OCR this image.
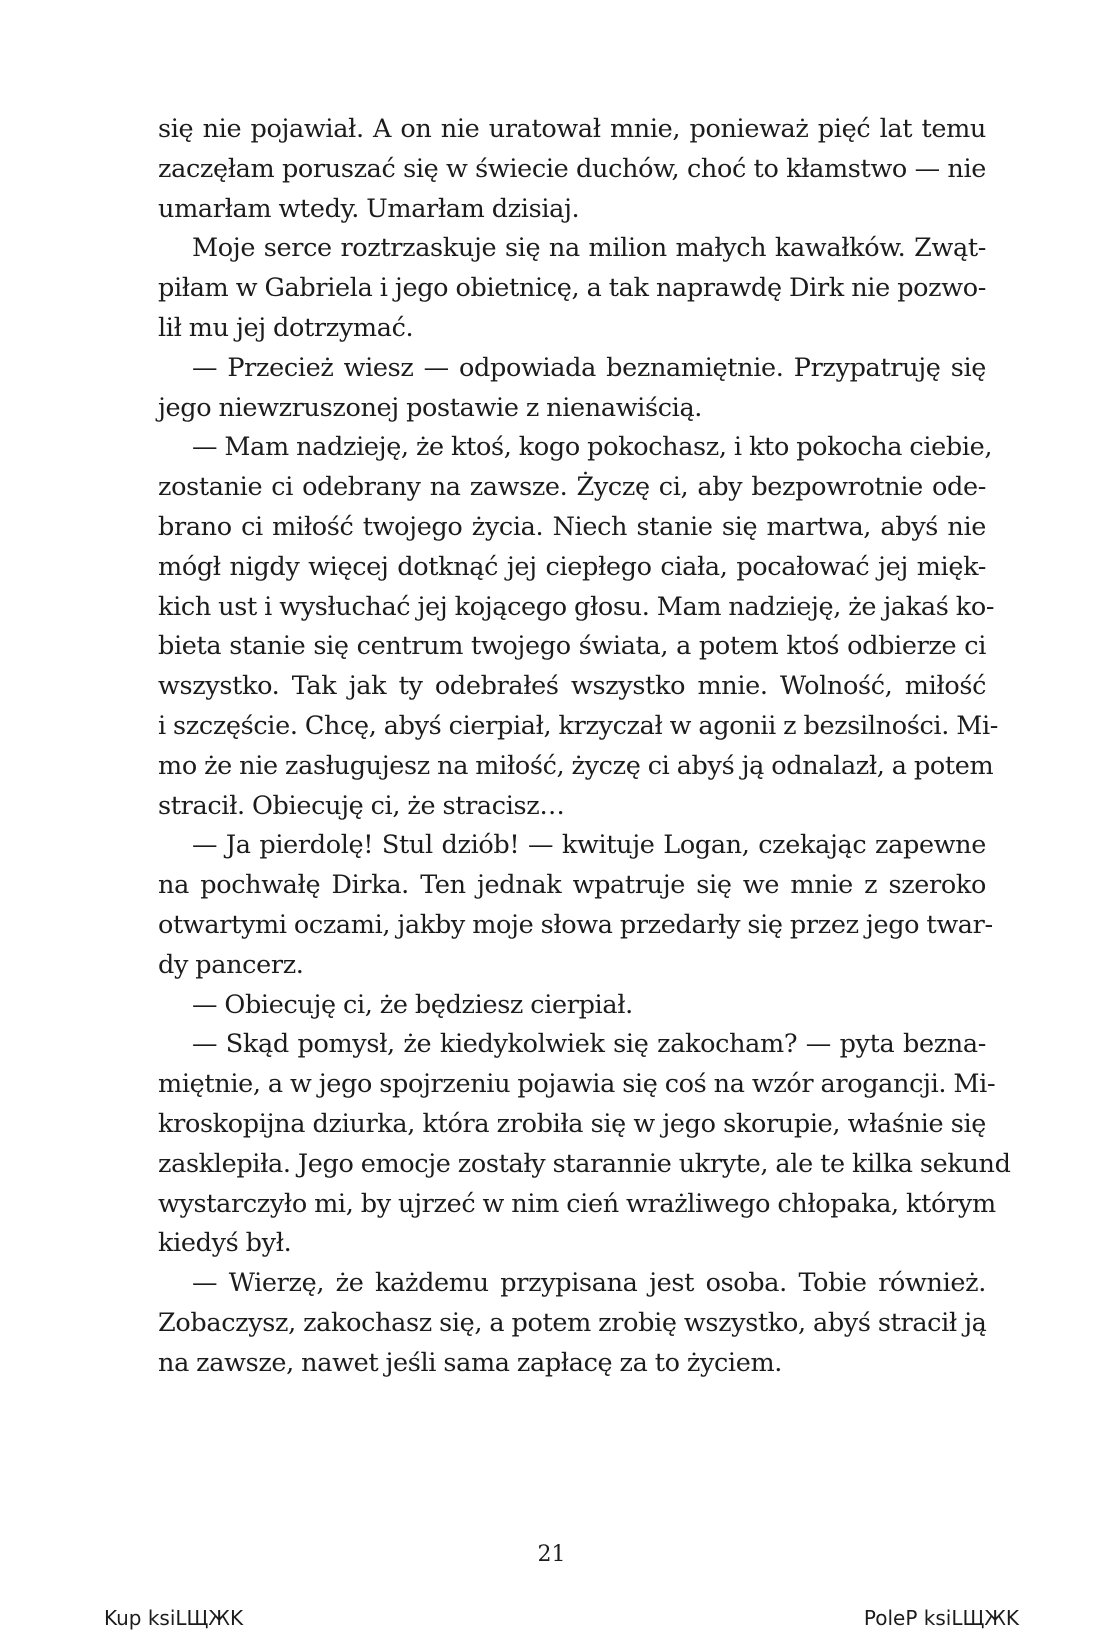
się nie pojawiał. A on nie uratował mnie, ponieważ pięć lat temu
zaczęłam poruszać się w świecie duchów, choć to kłamstwo — nie
umarłam wtedy. Umarłam dzisiaj.
Moje serce roztrzaskuje się na milion małych kawałków. Zwąt-
piłam w Gabriela i jego obietnicę, a tak naprawdę Dirk nie pozwo-
lił mu jej dotrzymać.
— Przecież wiesz — odpowiada beznamiętnie. Przypatruję się
jego niewzruszonej postawie z nienawiścią.
— Mam nadzieję, że ktoś, kogo pokochasz, i kto pokocha ciebie,
zostanie ci odebrany na zawsze. Życzę ci, aby bezpowrotnie ode-
brano ci miłość twojego życia. Niech stanie się martwa, abyś nie
mógł nigdy więcej dotknąć jej ciepłego ciała, pocałować jej mięk-
kich ust i wysłuchać jej kojącego głosu. Mam nadzieję, że jakaś ko-
bieta stanie się centrum twojego świata, a potem ktoś odbierze ci
wszystko. Tak jak ty odebrałeś wszystko mnie. Wolność, miłość
i szczęście. Chcę, abyś cierpiał, krzyczał w agonii z bezsilności. Mi-
mo że nie zasługujesz na miłość, życzę ci abyś ją odnalazł, a potem
stracił. Obiecuję ci, że stracisz…
— Ja pierdolę! Stul dziób! — kwituje Logan, czekając zapewne
na pochwałę Dirka. Ten jednak wpatruje się we mnie z szeroko
otwartymi oczami, jakby moje słowa przedarły się przez jego twar-
dy pancerz.
— Obiecuję ci, że będziesz cierpiał.
— Skąd pomysł, że kiedykolwiek się zakocham? — pyta bezna-
miętnie, a w jego spojrzeniu pojawia się coś na wzór arogancji. Mi-
kroskopijna dziurka, która zrobiła się w jego skorupie, właśnie się
zasklepiła. Jego emocje zostały starannie ukryte, ale te kilka sekund
wystarczyło mi, by ujrzeć w nim cień wrażliwego chłopaka, którym
kiedyś był.
— Wierzę, że każdemu przypisana jest osoba. Tobie również.
Zobaczysz, zakochasz się, a potem zrobię wszystko, abyś stracił ją
na zawsze, nawet jeśli sama zapłacę za to życiem.
21
Kup ksiLЩЖK	PoleP ksiLЩЖK
